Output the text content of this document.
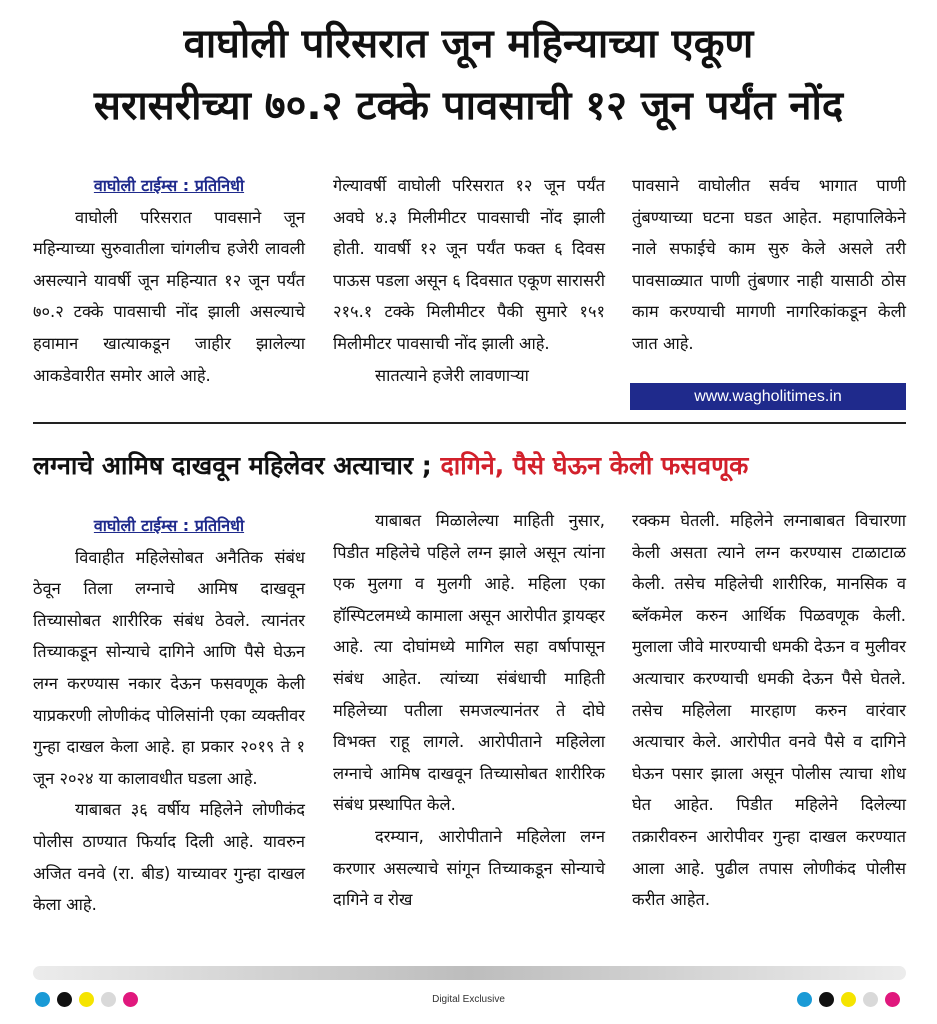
वाघोली परिसरात जून महिन्याच्या एकूण
सरासरीच्या ७०.२ टक्के पावसाची १२ जून पर्यंत नोंद
वाघोली टाईम्स : प्रतिनिधी

वाघोली परिसरात पावसाने जून महिन्याच्या सुरुवातीला चांगलीच हजेरी लावली असल्याने यावर्षी जून महिन्यात १२ जून पर्यंत ७०.२ टक्के पावसाची नोंद झाली असल्याचे हवामान खात्याकडून जाहीर झालेल्या आकडेवारीत समोर आले आहे.

गेल्यावर्षी वाघोली परिसरात १२ जून पर्यंत अवघे ४.३ मिलीमीटर पावसाची नोंद झाली होती. यावर्षी १२ जून पर्यंत फक्त ६ दिवस पाऊस पडला असून ६ दिवसात एकूण सारासरी २१५.१ टक्के मिलीमीटर पैकी सुमारे १५१ मिलीमीटर पावसाची नोंद झाली आहे.

सातत्याने हजेरी लावणाऱ्या

पावसाने वाघोलीत सर्वच भागात पाणी तुंबण्याच्या घटना घडत आहेत. महापालिकेने नाले सफाईचे काम सुरु केले असले तरी पावसाळ्यात पाणी तुंबणार नाही यासाठी ठोस काम करण्याची मागणी नागरिकांकडून केली जात आहे.

www.wagholitimes.in
लग्नाचे आमिष दाखवून महिलेवर अत्याचार ; दागिने, पैसे घेऊन केली फसवणूक
वाघोली टाईम्स : प्रतिनिधी

विवाहीत महिलेसोबत अनैतिक संबंध ठेवून तिला लग्नाचे आमिष दाखवून तिच्यासोबत शारीरिक संबंध ठेवले. त्यानंतर तिच्याकडून सोन्याचे दागिने आणि पैसे घेऊन लग्न करण्यास नकार देऊन फसवणूक केली याप्रकरणी लोणीकंद पोलिसांनी एका व्यक्तीवर गुन्हा दाखल केला आहे. हा प्रकार २०१९ ते १ जून २०२४ या कालावधीत घडला आहे.

याबाबत ३६ वर्षीय महिलेने लोणीकंद पोलीस ठाण्यात फिर्याद दिली आहे. यावरुन अजित वनवे (रा. बीड) याच्यावर गुन्हा दाखल केला आहे.

याबाबत मिळालेल्या माहिती नुसार, पिडीत महिलेचे पहिले लग्न झाले असून त्यांना एक मुलगा व मुलगी आहे. महिला एका हॉस्पिटलमध्ये कामाला असून आरोपीत ड्रायव्हर आहे. त्या दोघांमध्ये मागिल सहा वर्षापासून संबंध आहेत. त्यांच्या संबंधाची माहिती महिलेच्या पतीला समजल्यानंतर ते दोघे विभक्त राहू लागले. आरोपीताने महिलेला लग्नाचे आमिष दाखवून तिच्यासोबत शारीरिक संबंध प्रस्थापित केले.

दरम्यान, आरोपीताने महिलेला लग्न करणार असल्याचे सांगून तिच्याकडून सोन्याचे दागिने व रोख

रक्कम घेतली. महिलेने लग्नाबाबत विचारणा केली असता त्याने लग्न करण्यास टाळाटाळ केली. तसेच महिलेची शारीरिक, मानसिक व ब्लॅकमेल करुन आर्थिक पिळवणूक केली. मुलाला जीवे मारण्याची धमकी देऊन व मुलीवर अत्याचार करण्याची धमकी देऊन पैसे घेतले. तसेच महिलेला मारहाण करुन वारंवार अत्याचार केले. आरोपीत वनवे पैसे व दागिने घेऊन पसार झाला असून पोलीस त्याचा शोध घेत आहेत. पिडीत महिलेने दिलेल्या तक्रारीवरुन आरोपीवर गुन्हा दाखल करण्यात आला आहे. पुढील तपास लोणीकंद पोलीस करीत आहेत.

Digital Exclusive
